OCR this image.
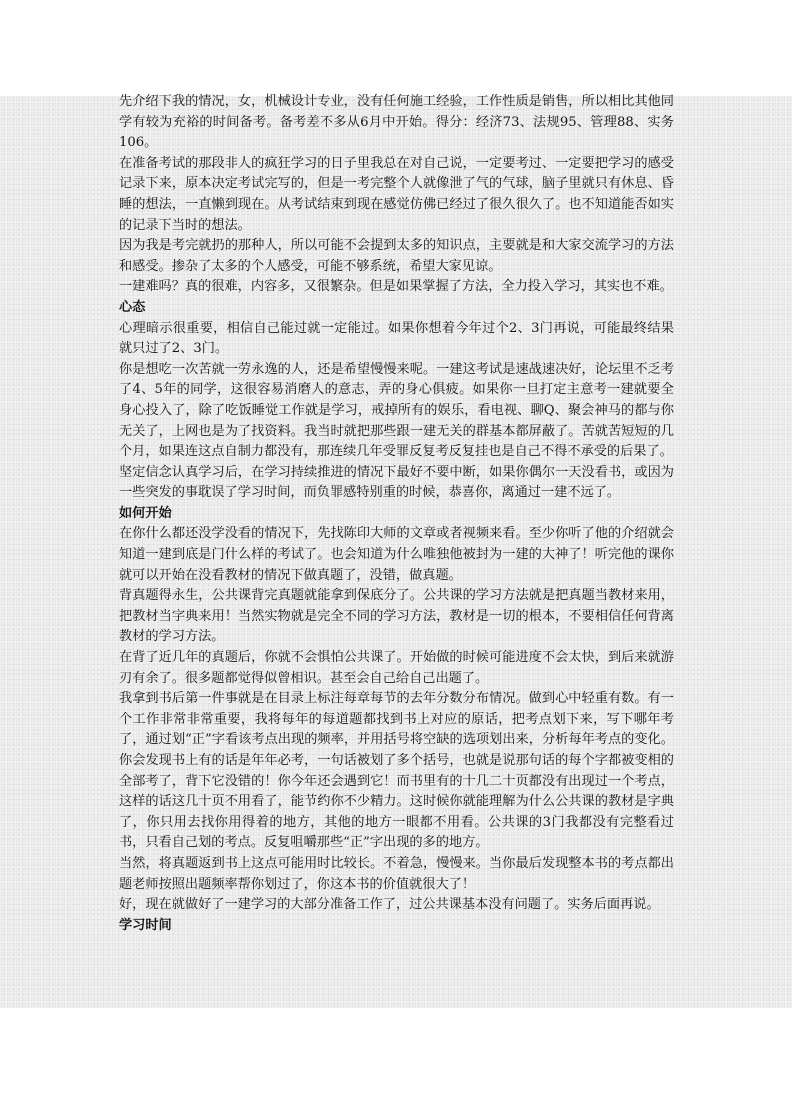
先介绍下我的情况，女，机械设计专业，没有任何施工经验，工作性质是销售，所以相比其他同学有较为充裕的时间备考。备考差不多从6月中开始。得分：经济73、法规95、管理88、实务106。

在准备考试的那段非人的疯狂学习的日子里我总在对自己说，一定要考过、一定要把学习的感受记录下来，原本决定考试完写的，但是一考完整个人就像泄了气的气球，脑子里就只有休息、昏睡的想法，一直懒到现在。从考试结束到现在感觉仿佛已经过了很久很久了。也不知道能否如实的记录下当时的想法。

因为我是考完就扔的那种人，所以可能不会提到太多的知识点，主要就是和大家交流学习的方法和感受。掺杂了太多的个人感受，可能不够系统，希望大家见谅。

一建难吗？真的很难，内容多，又很繁杂。但是如果掌握了方法，全力投入学习，其实也不难。

心态

心理暗示很重要，相信自己能过就一定能过。如果你想着今年过个2、3门再说，可能最终结果就只过了2、3门。

你是想吃一次苦就一劳永逸的人，还是希望慢慢来呢。一建这考试是速战速决好，论坛里不乏考了4、5年的同学，这很容易消磨人的意志，弄的身心俱疲。如果你一旦打定主意考一建就要全身心投入了，除了吃饭睡觉工作就是学习，戒掉所有的娱乐，看电视、聊Q、聚会神马的都与你无关了，上网也是为了找资料。我当时就把那些跟一建无关的群基本都屏蔽了。苦就苦短短的几个月，如果连这点自制力都没有，那连续几年受罪反复考反复挂也是自己不得不承受的后果了。

坚定信念认真学习后，在学习持续推进的情况下最好不要中断，如果你偶尔一天没看书，或因为一些突发的事耽误了学习时间，而负罪感特别重的时候，恭喜你，离通过一建不远了。

如何开始

在你什么都还没学没看的情况下，先找陈印大师的文章或者视频来看。至少你听了他的介绍就会知道一建到底是门什么样的考试了。也会知道为什么唯独他被封为一建的大神了！听完他的课你就可以开始在没看教材的情况下做真题了，没错，做真题。

背真题得永生，公共课背完真题就能拿到保底分了。公共课的学习方法就是把真题当教材来用，把教材当字典来用！当然实物就是完全不同的学习方法，教材是一切的根本，不要相信任何背离教材的学习方法。

在背了近几年的真题后，你就不会惧怕公共课了。开始做的时候可能进度不会太快，到后来就游刃有余了。很多题都觉得似曾相识。甚至会自己给自己出题了。

我拿到书后第一件事就是在目录上标注每章每节的去年分数分布情况。做到心中轻重有数。有一个工作非常非常重要，我将每年的每道题都找到书上对应的原话，把考点划下来，写下哪年考了，通过划“正”字看该考点出现的频率，并用括号将空缺的选项划出来，分析每年考点的变化。你会发现书上有的话是年年必考，一句话被划了多个括号，也就是说那句话的每个字都被变相的全部考了，背下它没错的！你今年还会遇到它！而书里有的十几二十页都没有出现过一个考点，这样的话这几十页不用看了，能节约你不少精力。这时候你就能理解为什么公共课的教材是字典了，你只用去找你用得着的地方，其他的地方一眼都不用看。公共课的3门我都没有完整看过书，只看自己划的考点。反复咀嚼那些“正”字出现的多的地方。

当然，将真题返到书上这点可能用时比较长。不着急，慢慢来。当你最后发现整本书的考点都出题老师按照出题频率帮你划过了，你这本书的价值就很大了！

好，现在就做好了一建学习的大部分准备工作了，过公共课基本没有问题了。实务后面再说。

学习时间
